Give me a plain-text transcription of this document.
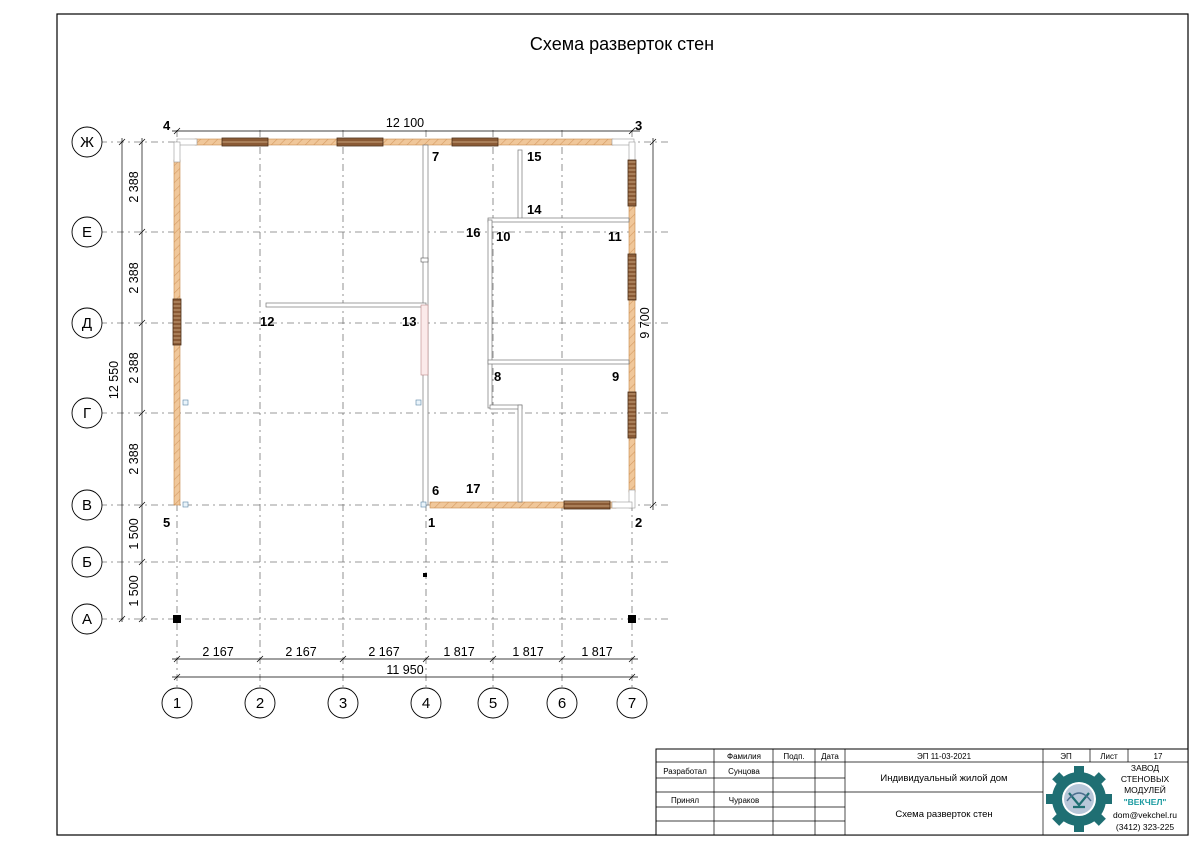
Схема разверток стен
4	3
7	15
14
16 10	11
12	13
8	9
6 17
5	1	2
12 100
9 700
12 550
2 388
2 388
2 388
2 388
1 500
1 500
2 167	2 167	2 167	1 817	1 817	1 817
11 950
Ж
Е
Д
Г
В
Б
А
1	2	3	4	5	6	7
Фамилия	Подп. Дата	ЭП 11-03-2021	ЭП	Лист	17
Разработал	Сунцова
Принял	Чураков
Индивидуальный жилой дом
Схема разверток стен
ЗАВОД
СТЕНОВЫХ
МОДУЛЕЙ
"ВЕКЧЕЛ"
dom@vekchel.ru
(3412) 323-225
